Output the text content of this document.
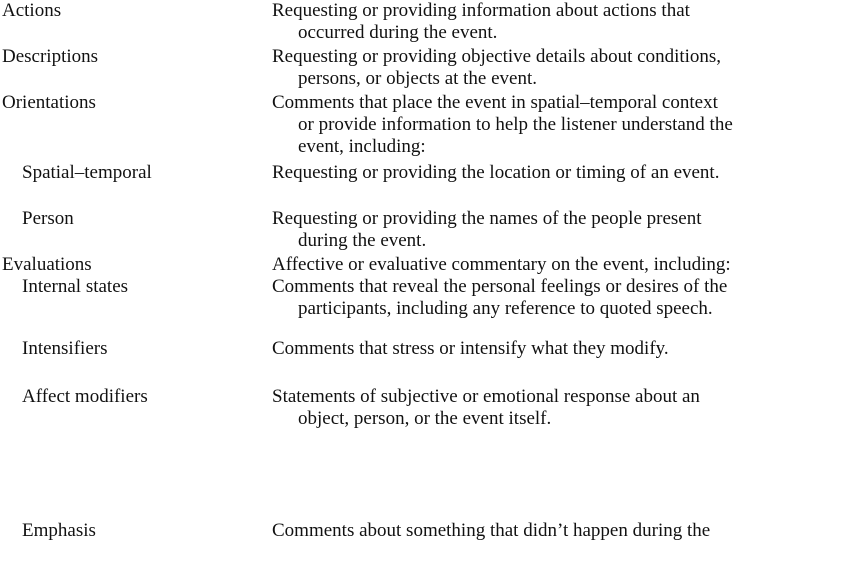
Actions	Requesting or providing information about actions that
occurred during the event.
Descriptions	Requesting or providing objective details about conditions,
persons, or objects at the event.
Orientations	Comments that place the event in spatial–temporal context
or provide information to help the listener understand the
event, including:
Spatial–temporal	Requesting or providing the location or timing of an event.
Person	Requesting or providing the names of the people present
during the event.
Evaluations	Affective or evaluative commentary on the event, including:
Internal states	Comments that reveal the personal feelings or desires of the
participants, including any reference to quoted speech.
Intensifiers	Comments that stress or intensify what they modify.
Affect modifiers	Statements of subjective or emotional response about an
object, person, or the event itself.
Emphasis	Comments about something that didn’t happen during the
